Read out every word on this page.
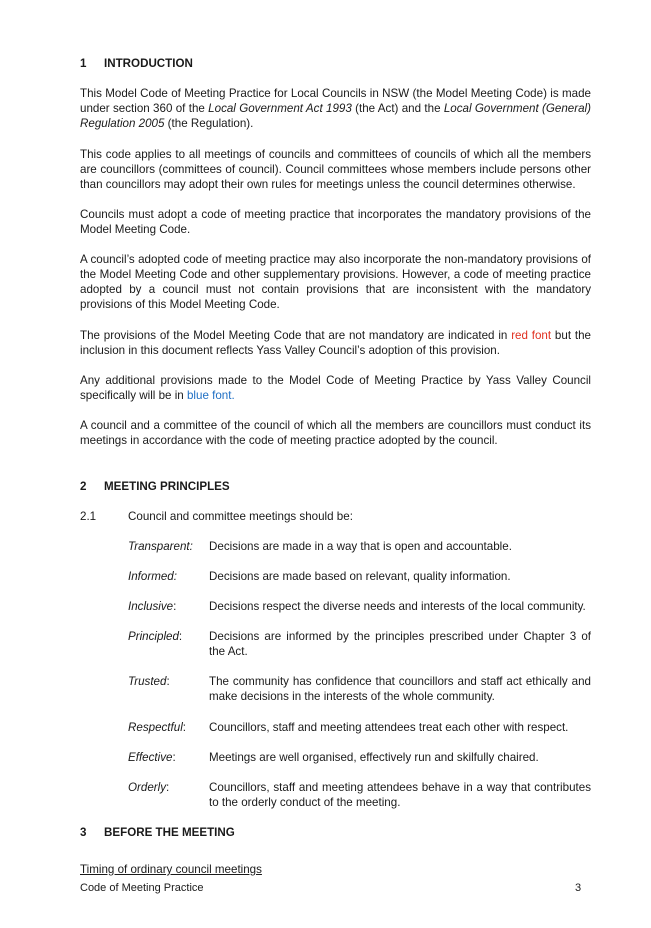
1 INTRODUCTION

This Model Code of Meeting Practice for Local Councils in NSW (the Model Meeting Code) is made under section 360 of the Local Government Act 1993 (the Act) and the Local Government (General) Regulation 2005 (the Regulation).

This code applies to all meetings of councils and committees of councils of which all the members are councillors (committees of council). Council committees whose members include persons other than councillors may adopt their own rules for meetings unless the council determines otherwise.

Councils must adopt a code of meeting practice that incorporates the mandatory provisions of the Model Meeting Code.

A council’s adopted code of meeting practice may also incorporate the non-mandatory provisions of the Model Meeting Code and other supplementary provisions. However, a code of meeting practice adopted by a council must not contain provisions that are inconsistent with the mandatory provisions of this Model Meeting Code.

The provisions of the Model Meeting Code that are not mandatory are indicated in red font but the inclusion in this document reflects Yass Valley Council’s adoption of this provision.

Any additional provisions made to the Model Code of Meeting Practice by Yass Valley Council specifically will be in blue font.

A council and a committee of the council of which all the members are councillors must conduct its meetings in accordance with the code of meeting practice adopted by the council.

2 MEETING PRINCIPLES
2.1	Council and committee meetings should be:
Transparent: Decisions are made in a way that is open and accountable.
Informed:	Decisions are made based on relevant, quality information.
Inclusive:	Decisions respect the diverse needs and interests of the local community.
Principled: Decisions are informed by the principles prescribed under Chapter 3 of the Act.
Trusted:	The community has confidence that councillors and staff act ethically and make decisions in the interests of the whole community.
Respectful: Councillors, staff and meeting attendees treat each other with respect.
Effective:	Meetings are well organised, effectively run and skilfully chaired.
Orderly:	Councillors, staff and meeting attendees behave in a way that contributes to the orderly conduct of the meeting.
3 BEFORE THE MEETING
Timing of ordinary council meetings
Code of Meeting Practice	3
